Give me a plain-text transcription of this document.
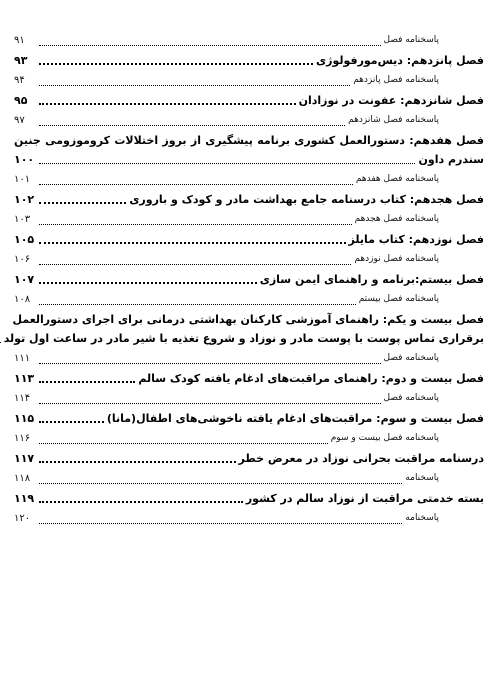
پاسخنامه فصل
۹۱
فصل پانزدهم: دیس‌مورفولوژی
۹۳
پاسخنامه فصل پانزدهم
۹۴
فصل شانزدهم: عفونت در نوزادان
۹۵
پاسخنامه فصل شانزدهم
۹۷
فصل هفدهم: دستورالعمل کشوری برنامه پیشگیری از بروز اختلالات کروموزومی جنین
سندرم داون
۱۰۰
پاسخنامه فصل هفدهم
۱۰۱
فصل هجدهم: کتاب درسنامه جامع بهداشت مادر و کودک و باروری
۱۰۲
پاسخنامه فصل هجدهم
۱۰۳
فصل نوزدهم: کتاب مایلز
۱۰۵
پاسخنامه فصل نوزدهم
۱۰۶
فصل بیستم:برنامه و راهنمای ایمن سازی
۱۰۷
پاسخنامه فصل بیستم
۱۰۸
فصل بیست و یکم: راهنمای آموزشی کارکنان بهداشتی درمانی برای اجرای دستورالعمل
برقراری تماس پوست با پوست مادر و نوزاد و شروع تغذیه با شیر مادر در ساعت اول تولد
پاسخنامه فصل
۱۱۱
فصل بیست و دوم: راهنمای مراقبت‌های ادغام یافته کودک سالم
۱۱۳
پاسخنامه فصل
۱۱۴
فصل بیست و سوم: مراقبت‌های ادغام یافته ناخوشی‌های اطفال(مانا)
۱۱۵
پاسخنامه فصل بیست و سوم
۱۱۶
درسنامه مراقبت بحرانی نوزاد در معرض خطر
۱۱۷
پاسخنامه
۱۱۸
بسته خدمتی مراقبت از نوزاد سالم در کشور
۱۱۹
پاسخنامه
۱۲۰
